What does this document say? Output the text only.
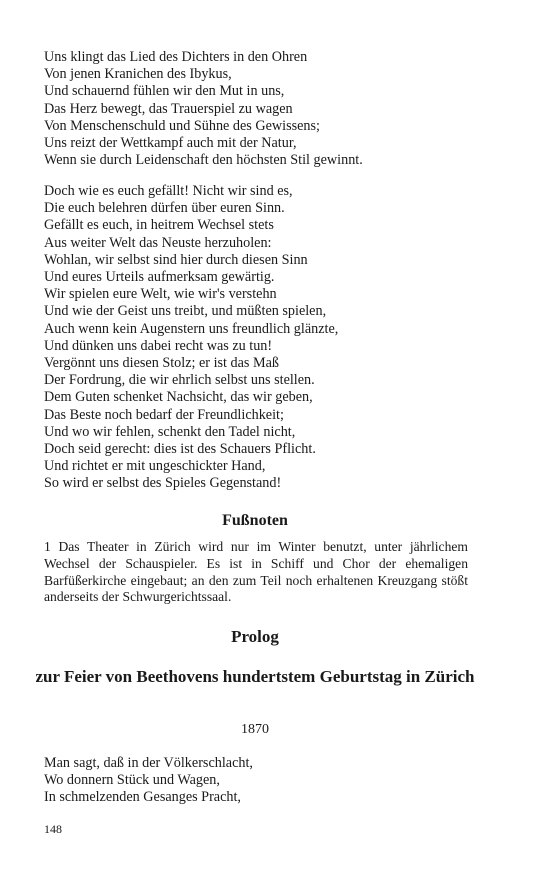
Uns klingt das Lied des Dichters in den Ohren
Von jenen Kranichen des Ibykus,
Und schauernd fühlen wir den Mut in uns,
Das Herz bewegt, das Trauerspiel zu wagen
Von Menschenschuld und Sühne des Gewissens;
Uns reizt der Wettkampf auch mit der Natur,
Wenn sie durch Leidenschaft den höchsten Stil gewinnt.
Doch wie es euch gefällt! Nicht wir sind es,
Die euch belehren dürfen über euren Sinn.
Gefällt es euch, in heitrem Wechsel stets
Aus weiter Welt das Neuste herzuholen:
Wohlan, wir selbst sind hier durch diesen Sinn
Und eures Urteils aufmerksam gewärtig.
Wir spielen eure Welt, wie wir's verstehn
Und wie der Geist uns treibt, und müßten spielen,
Auch wenn kein Augenstern uns freundlich glänzte,
Und dünken uns dabei recht was zu tun!
Vergönnt uns diesen Stolz; er ist das Maß
Der Fordrung, die wir ehrlich selbst uns stellen.
Dem Guten schenket Nachsicht, das wir geben,
Das Beste noch bedarf der Freundlichkeit;
Und wo wir fehlen, schenkt den Tadel nicht,
Doch seid gerecht: dies ist des Schauers Pflicht.
Und richtet er mit ungeschickter Hand,
So wird er selbst des Spieles Gegenstand!
Fußnoten
1 Das Theater in Zürich wird nur im Winter benutzt, unter jährlichem Wechsel der Schauspieler. Es ist in Schiff und Chor der ehemaligen Barfüßerkirche eingebaut; an den zum Teil noch erhaltenen Kreuzgang stößt anderseits der Schwurgerichtssaal.
Prolog
zur Feier von Beethovens hundertstem Geburtstag in Zürich
1870
Man sagt, daß in der Völkerschlacht,
Wo donnern Stück und Wagen,
In schmelzenden Gesanges Pracht,
148
